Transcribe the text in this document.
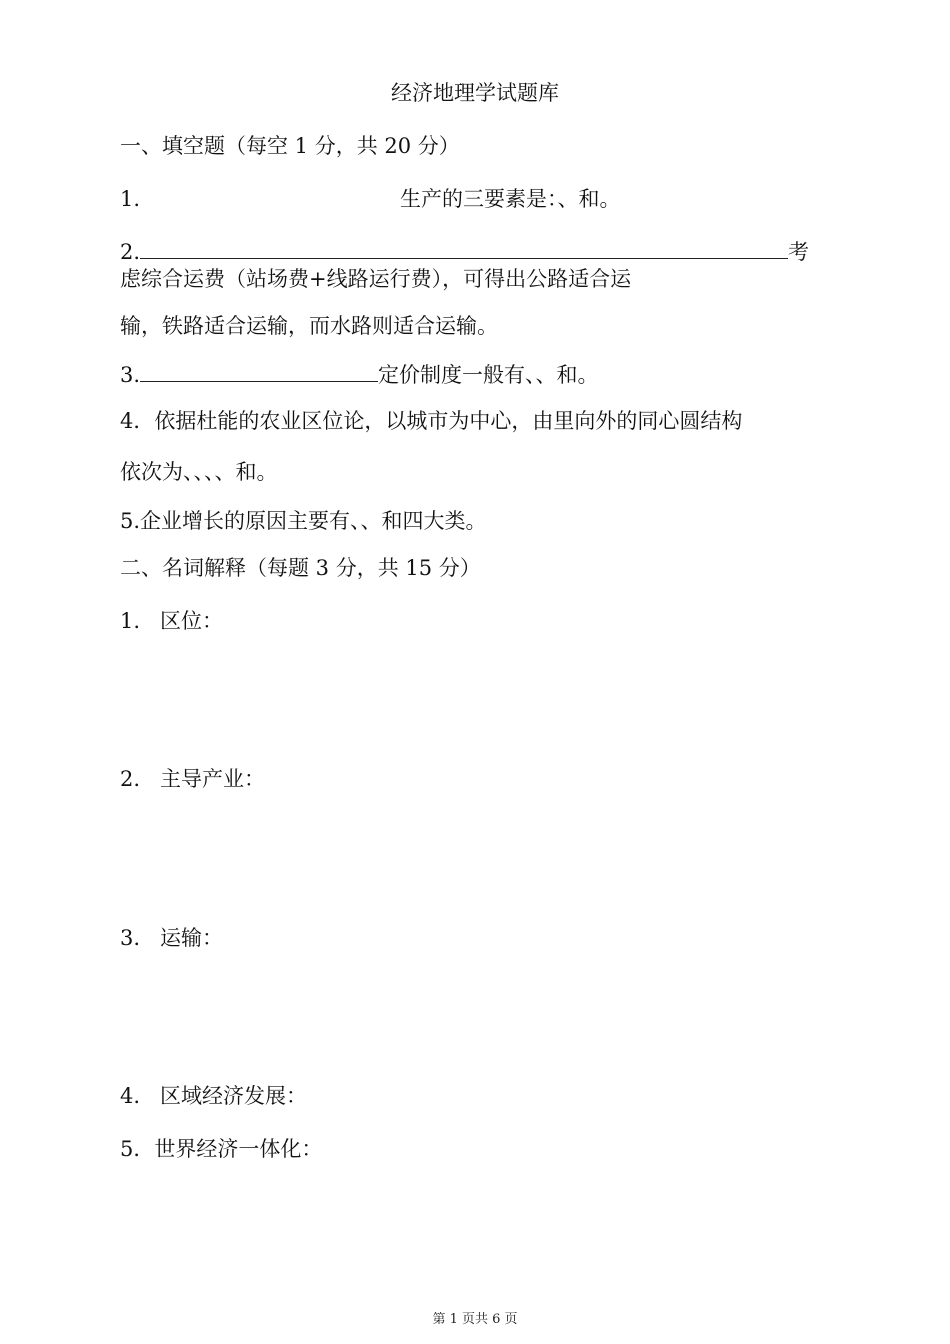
经济地理学试题库
一、填空题（每空 1 分，共 20 分）
1.	生产的三要素是：、和。
2.	考
虑综合运费（站场费+线路运行费），可得出公路适合运
输，铁路适合运输，而水路则适合运输。
3.	定价制度一般有、、和。
4．依据杜能的农业区位论，以城市为中心，由里向外的同心圆结构
依次为、、、、和。
5.企业增长的原因主要有、、和四大类。
二、名词解释（每题 3 分，共 15 分）
1. 区位：
2. 主导产业：
3. 运输：
4. 区域经济发展：
5．世界经济一体化：
第 1 页共 6 页
